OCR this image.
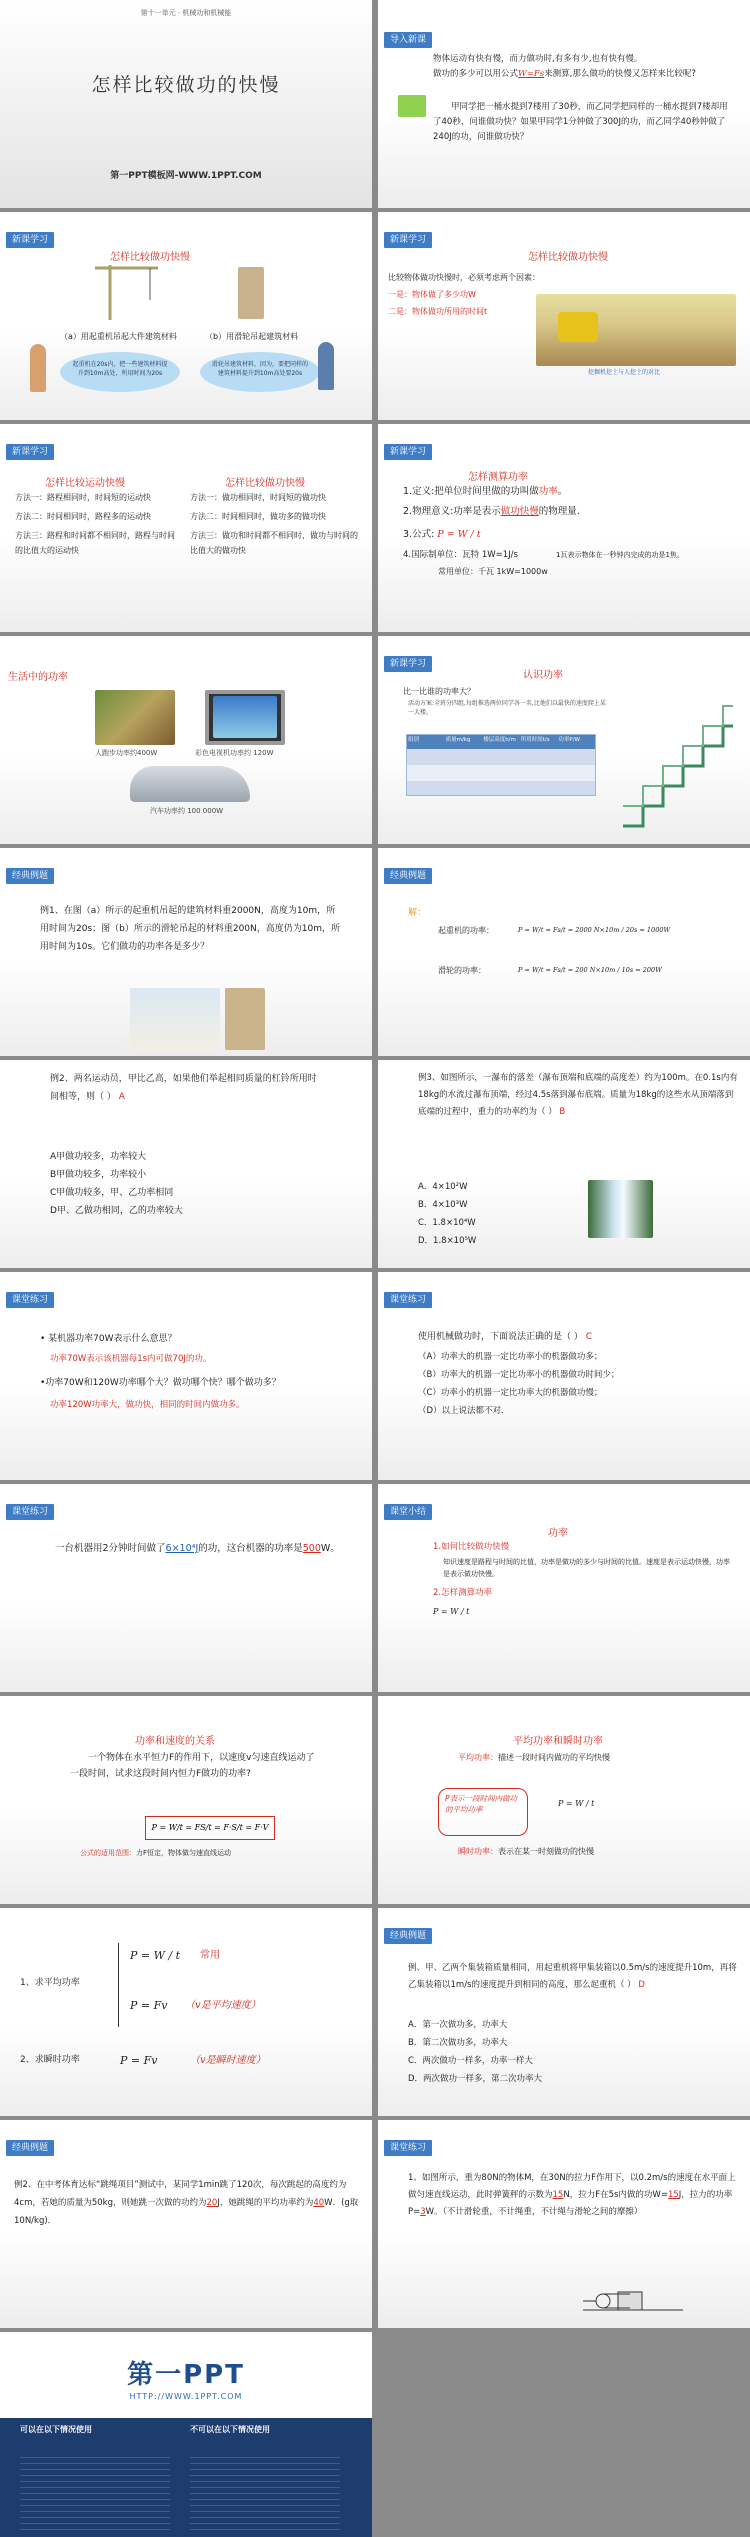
第十一单元 · 机械功和机械能
怎样比较做功的快慢
第一PPT模板网-WWW.1PPT.COM
导入新课
物体运动有快有慢，而力做功时,有多有少,也有快有慢。
做功的多少可以用公式W=Fs来测算,那么做功的快慢又怎样来比较呢?
甲同学把一桶水提到7楼用了30秒，而乙同学把同样的一桶水提到7楼却用了40秒，问谁做功快？如果甲同学1分钟做了300J的功，而乙同学40秒钟做了240J的功，问谁做功快？
新课学习
怎样比较做功快慢
（a）用起重机吊起大件建筑材料	（b）用滑轮吊起建筑材料
起重机在20s内，把一些建筑材料提升到10m高处，所用时间为20s
滑轮吊建筑材料，因为，要把同样的建筑材料提升到10m高处要20s
新课学习
怎样比较做功快慢
比较物体做功快慢时，必须考虑两个因素：
一是：物体做了多少功W
二是：物体做功所用的时间t
挖掘机挖土与人挖土的对比
新课学习
怎样比较运动快慢	怎样比较做功快慢
方法一：路程相同时，时间短的运动快
方法二：时间相同时，路程多的运动快
方法三：路程和时间都不相同时，路程与时间的比值大的运动快
方法一：做功相同时，时间短的做功快
方法二：时间相同时，做功多的做功快
方法三：做功和时间都不相同时，做功与时间的比值大的做功快
新课学习
怎样测算功率
1.定义:把单位时间里做的功叫做功率。
2.物理意义:功率是表示做功快慢的物理量.
3.公式: P = W / t
4.国际制单位：瓦特 1W=1J/s	1瓦表示物体在一秒钟内完成的功是1焦。
常用单位：千瓦 1kW=1000w
生活中的功率
人跑步功率约400W	彩色电视机功率约 120W
汽车功率约 100 000W
新课学习
认识功率
比一比谁的功率大？
活动方案:全班分四组,每组推选两位同学各一名,比他们以最快的速度爬上某一大楼。
组别	质量m/kg	楼层高度h/m 所用时间t/s	功率P/W
经典例题
例1、在图（a）所示的起重机吊起的建筑材料重2000N，高度为10m，所用时间为20s；图（b）所示的滑轮吊起的材料重200N，高度仍为10m，所用时间为10s。它们做功的功率各是多少？
经典例题
解：
起重机的功率：	P = W/t = Fs/t = 2000 N×10m / 20s = 1000W
滑轮的功率：	P = W/t = Fs/t = 200 N×10m / 10s = 200W
例2、两名运动员，甲比乙高，如果他们举起相同质量的杠铃所用时间相等，则（ ） A
A甲做功较多，功率较大
B甲做功较多，功率较小
C甲做功较多，甲、乙功率相同
D甲、乙做功相同，乙的功率较大
例3、如图所示，一瀑布的落差（瀑布顶端和底端的高度差）约为100m。在0.1s内有18kg的水流过瀑布顶端，经过4.5s落到瀑布底端。质量为18kg的这些水从顶端落到底端的过程中，重力的功率约为（ ） B
A．4×10²W
B．4×10³W
C．1.8×10⁴W
D．1.8×10⁵W
课堂练习
• 某机器功率70W表示什么意思？
功率70W表示该机器每1s内可做70J的功。
•功率70W和120W功率哪个大？做功哪个快？哪个做功多？
功率120W功率大，做功快，相同的时间内做功多。
课堂练习
使用机械做功时，下面说法正确的是（ ） C
（A）功率大的机器一定比功率小的机器做功多；
（B）功率大的机器一定比功率小的机器做功时间少；
（C）功率小的机器一定比功率大的机器做功慢；
（D）以上说法都不对．
课堂练习
一台机器用2分钟时间做了6×10⁴J的功，这台机器的功率是500W。
课堂小结
功率
1.如何比较做功快慢
知识速度是路程与时间的比值，功率是做功的多少与时间的比值。速度是表示运动快慢，功率是表示做功快慢。
2.怎样测算功率
P = W / t
功率和速度的关系
一个物体在水平恒力F的作用下，以速度v匀速直线运动了一段时间，试求这段时间内恒力F做功的功率?
P = W/t = FS/t = F·S/t = F·V
公式的适用范围：力F恒定，物体做匀速直线运动
平均功率和瞬时功率
平均功率：描述一段时间内做功的平均快慢
P表示一段时间内做功的平均功率
P = W / t
瞬时功率：表示在某一时刻做功的快慢
1、求平均功率
P = W / t	常用
P = Fv	（v是平均速度）
2、求瞬时功率	P = Fv	（v是瞬时速度）
经典例题
例、甲、乙两个集装箱质量相同，用起重机将甲集装箱以0.5m/s的速度提升10m，再将乙集装箱以1m/s的速度提升到相同的高度，那么起重机（ ） D
A．第一次做功多，功率大
B．第二次做功多，功率大
C．两次做功一样多，功率一样大
D．两次做功一样多，第二次功率大
经典例题
例2、在中考体育达标“跳绳项目”测试中，某同学1min跳了120次，每次跳起的高度约为4cm，若她的质量为50kg，则她跳一次做的功约为20J，她跳绳的平均功率约为40W．(g取10N/kg)．
课堂练习
1、如图所示，重为80N的物体M，在30N的拉力F作用下，以0.2m/s的速度在水平面上做匀速直线运动，此时弹簧秤的示数为15N，拉力F在5s内做的功W=15J，拉力的功率P=3W。（不计滑轮重，不计绳重，不计绳与滑轮之间的摩擦）
第一PPT
HTTP://WWW.1PPT.COM
可以在以下情况使用	不可以在以下情况使用
